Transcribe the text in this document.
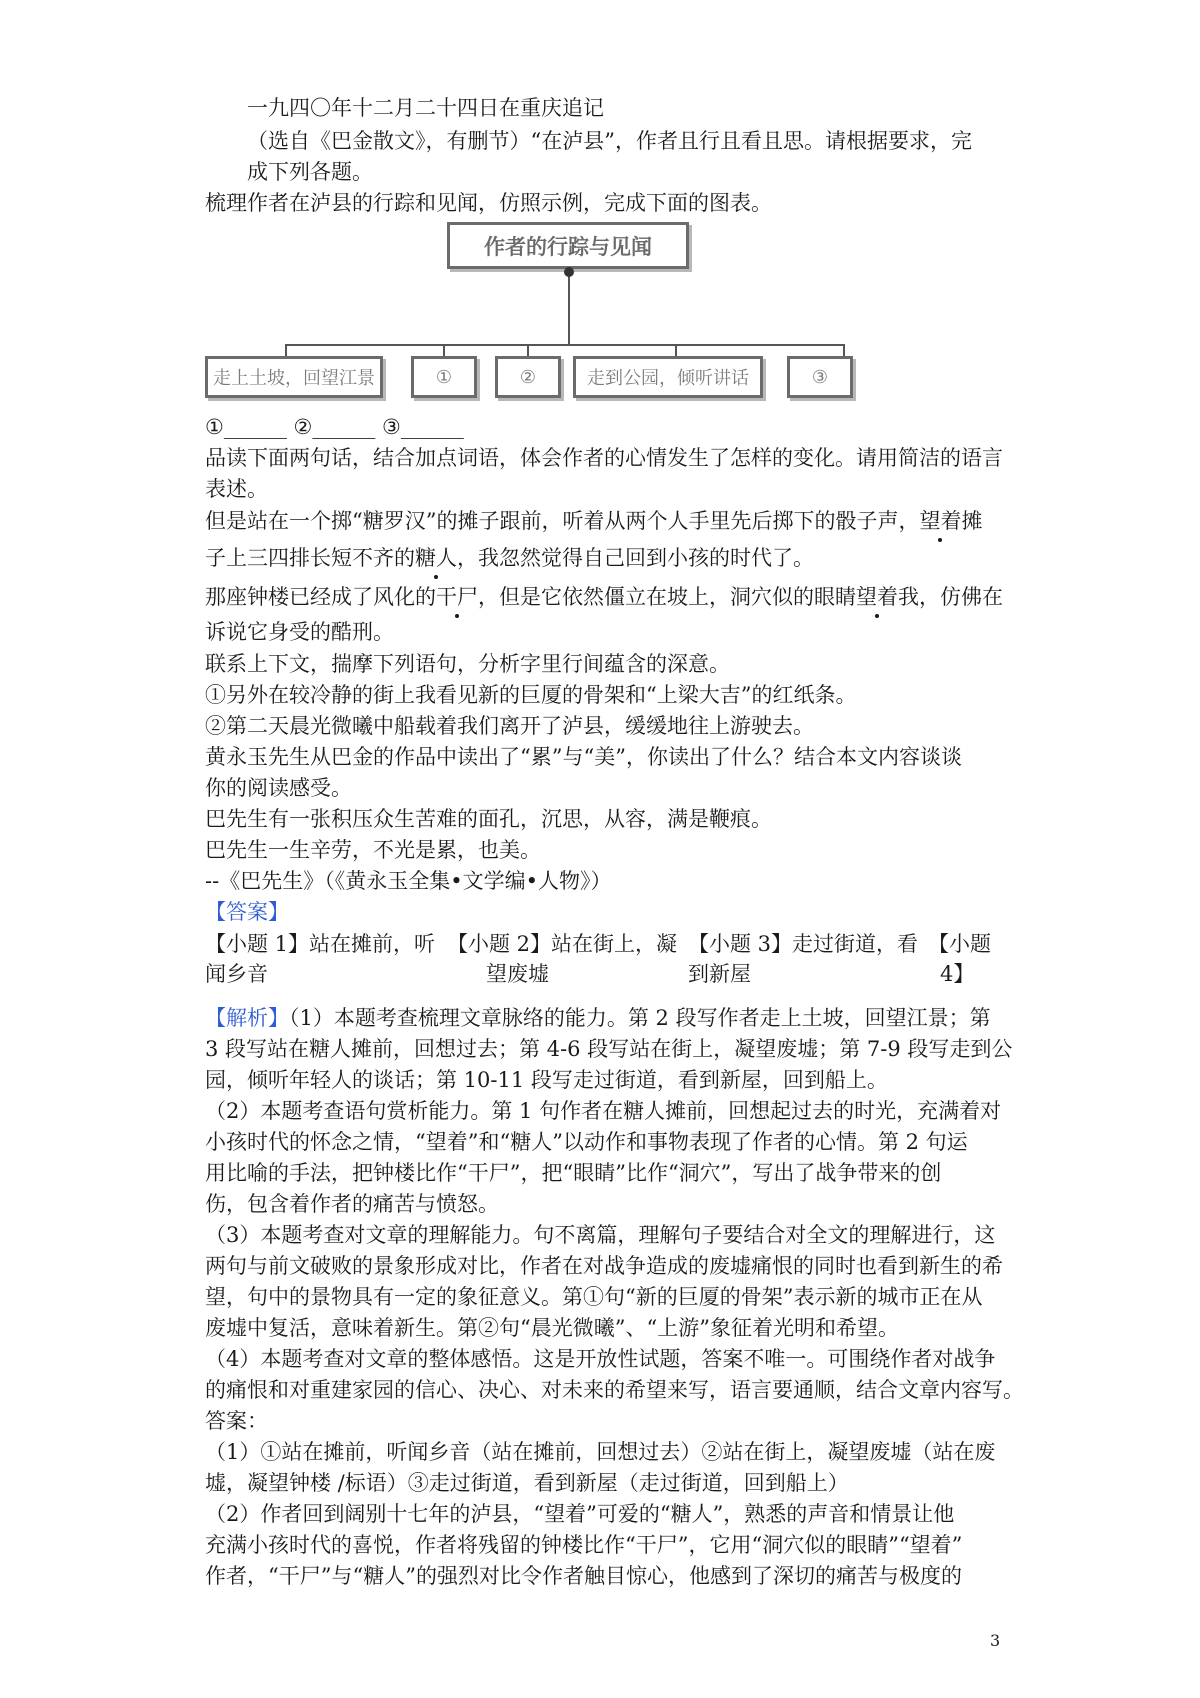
一九四〇年十二月二十四日在重庆追记
（选自《巴金散文》，有删节）“在泸县”，作者且行且看且思。请根据要求，完
成下列各题。
梳理作者在泸县的行踪和见闻，仿照示例，完成下面的图表。
作者的行踪与见闻
走上土坡，回望江景	①	②	走到公园，倾听讲话	③
①______ ②______ ③______
品读下面两句话，结合加点词语，体会作者的心情发生了怎样的变化。请用简洁的语言
表述。
但是站在一个掷“糖罗汉”的摊子跟前，听着从两个人手里先后掷下的骰子声，望着摊
子上三四排长短不齐的糖人，我忽然觉得自己回到小孩的时代了。
那座钟楼已经成了风化的干尸，但是它依然僵立在坡上，洞穴似的眼睛望着我，仿佛在
诉说它身受的酷刑。
联系上下文，揣摩下列语句，分析字里行间蕴含的深意。
①另外在较冷静的街上我看见新的巨厦的骨架和“上梁大吉”的红纸条。
②第二天晨光微曦中船载着我们离开了泸县，缓缓地往上游驶去。
黄永玉先生从巴金的作品中读出了“累”与“美”，你读出了什么？结合本文内容谈谈
你的阅读感受。
巴先生有一张积压众生苦难的面孔，沉思，从容，满是鞭痕。
巴先生一生辛劳，不光是累，也美。
--《巴先生》（《黄永玉全集•文学编•人物》）
【答案】
【小题 1】站在摊前，听
闻乡音
【小题 2】站在街上，凝
望废墟
【小题 3】走过街道，看
到新屋
【小题
4】
【解析】（1）本题考查梳理文章脉络的能力。第 2 段写作者走上土坡，回望江景；第
3 段写站在糖人摊前，回想过去；第 4-6 段写站在街上，凝望废墟；第 7-9 段写走到公
园，倾听年轻人的谈话；第 10-11 段写走过街道，看到新屋，回到船上。
（2）本题考查语句赏析能力。第 1 句作者在糖人摊前，回想起过去的时光，充满着对
小孩时代的怀念之情，“望着”和“糖人”以动作和事物表现了作者的心情。第 2 句运
用比喻的手法，把钟楼比作“干尸”，把“眼睛”比作“洞穴”，写出了战争带来的创
伤，包含着作者的痛苦与愤怒。
（3）本题考查对文章的理解能力。句不离篇，理解句子要结合对全文的理解进行，这
两句与前文破败的景象形成对比，作者在对战争造成的废墟痛恨的同时也看到新生的希
望，句中的景物具有一定的象征意义。第①句“新的巨厦的骨架”表示新的城市正在从
废墟中复活，意味着新生。第②句“晨光微曦”、“上游”象征着光明和希望。
（4）本题考查对文章的整体感悟。这是开放性试题，答案不唯一。可围绕作者对战争
的痛恨和对重建家园的信心、决心、对未来的希望来写，语言要通顺，结合文章内容写。
答案：
（1）①站在摊前，听闻乡音（站在摊前，回想过去）②站在街上，凝望废墟（站在废
墟，凝望钟楼 /标语）③走过街道，看到新屋（走过街道，回到船上）
（2）作者回到阔别十七年的泸县，“望着”可爱的“糖人”，熟悉的声音和情景让他
充满小孩时代的喜悦，作者将残留的钟楼比作“干尸”，它用“洞穴似的眼睛”“望着”
作者，“干尸”与“糖人”的强烈对比令作者触目惊心，他感到了深切的痛苦与极度的
3
